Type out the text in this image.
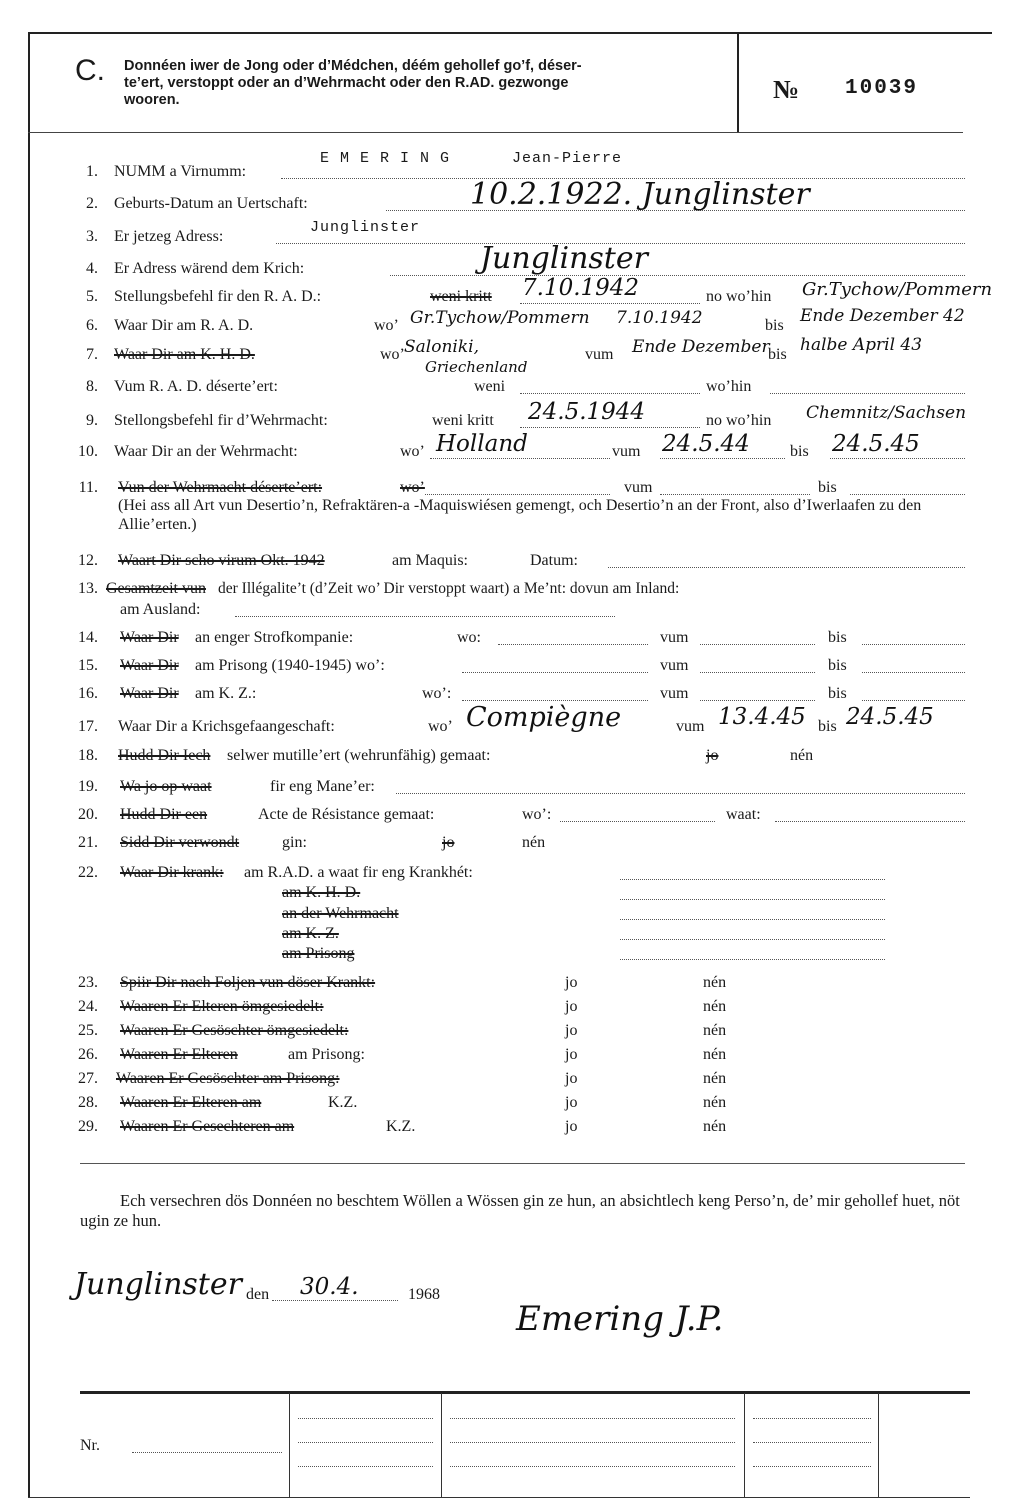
C. Donnéen iwer de Jong oder d’Médchen, déém gehollef go’f, déser-
te’ert, verstoppt oder an d’Wehrmacht oder den R.AD. gezwonge
wooren.	№ 10039
1. NUMM a Virnumm:
E M E R I N G	Jean-Pierre
2. Geburts-Datum an Uertschaft:	10.2.1922. Junglinster
3. Er jetzeg Adress:
Junglinster
4. Er Adress wärend dem Krich:	Junglinster
5. Stellungsbefehl fir den R. A. D.:	weni kritt 7.10.1942	no wo’hin Gr.Tychow/Pommern
6. Waar Dir am R. A. D.	wo’ Gr.Tychow/Pommern 7.10.1942	bis Ende Dezember 42
7. Waar Dir am K. H. D.	wo’ Saloniki,
Griechenland
vum Ende Dezember
bis halbe April 43
8. Vum R. A. D. déserte’ert:	weni	wo’hin
9. Stellongsbefehl fir d’Wehrmacht:	weni kritt 24.5.1944	no wo’hin Chemnitz/Sachsen
10. Waar Dir an der Wehrmacht:	wo’ Holland	vum 24.5.44	bis 24.5.45
11. Vun der Wehrmacht déserte’ert:	wo’	vum	bis
(Hei ass all Art vun Desertio’n, Refraktären-a -Maquiswiésen gemengt, och Desertio’n an der Front, also d’Iwerlaafen zu den Allie’erten.)
12. Waart Dir scho virum Okt. 1942	am Maquis:	Datum:
13. Gesamtzeit vun der Illégalite’t (d’Zeit wo’ Dir verstoppt waart) a Me’nt: dovun am Inland:
am Ausland:
14. Waar Dir an enger Strofkompanie:	wo:	vum	bis
15. Waar Dir am Prisong (1940-1945) wo’:	vum	bis
16. Waar Dir am K. Z.:	wo’:	vum	bis
17. Waar Dir a Krichsgefaangeschaft:	wo’ Compiègne	vum 13.4.45 bis 24.5.45
18. Hudd Dir Iech selwer mutille’ert (wehrunfähig) gemaat:	jo	nén
19. Wa jo op waat	fir eng Mane’er:
20. Hudd Dir een	Acte de Résistance gemaat:	wo’:	waat:
21. Sidd Dir verwondt	gin:	jo	nén
22. Waar Dir krank: am R.A.D. a waat fir eng Krankhét:
am K. H. D.
an der Wehrmacht
am K. Z.
am Prisong
23. Spiir Dir nach Foljen vun döser Krankt:	jo	nén
24. Waaren Er Elteren ömgesiedelt:	jo	nén
25. Waaren Er Gesöschter ömgesiedelt:	jo	nén
26. Waaren Er Elteren	am Prisong:	jo	nén
27. Waaren Er Gesöschter am Prisong:	jo	nén
28. Waaren Er Elteren am	K.Z.	jo	nén
29. Waaren Er Gesechteren am	K.Z.	jo	nén
Ech versechren dös Donnéen no beschtem Wöllen a Wössen gin ze hun, an absichtlech keng Perso’n, de’ mir gehollef huet, nöt ugin ze hun.
Junglinster den 30.4.	1968
Emering J.P.
Nr.
